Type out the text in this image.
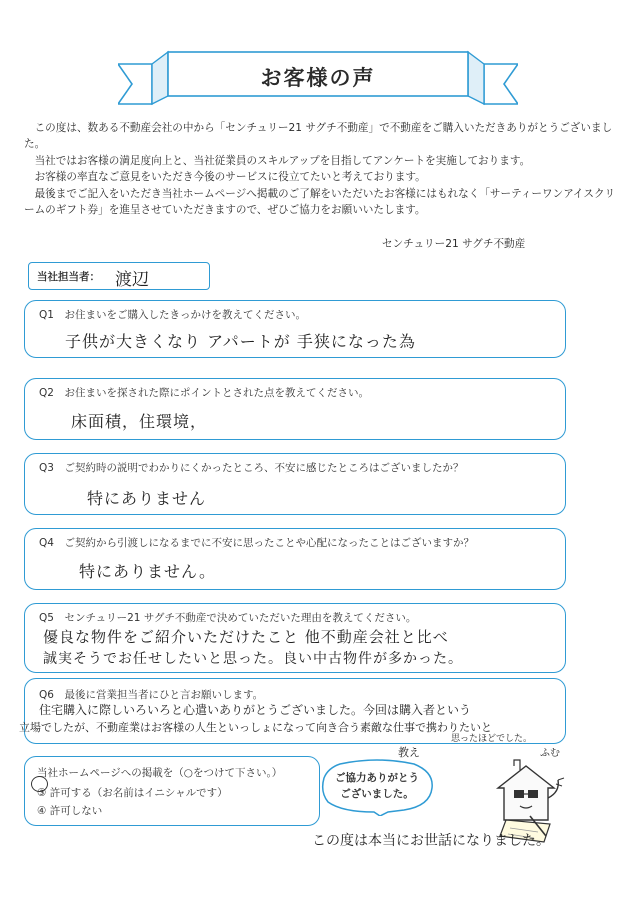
お客様の声

この度は、数ある不動産会社の中から「センチュリー21 サグチ不動産」で不動産をご購入いただきありがとうございました。

当社ではお客様の満足度向上と、当社従業員のスキルアップを目指してアンケートを実施しております。

お客様の率直なご意見をいただき今後のサービスに役立てたいと考えております。

最後までご記入をいただき当社ホームページへ掲載のご了解をいただいたお客様にはもれなく「サーティーワンアイスクリームのギフト券」を進呈させていただきますので、ぜひご協力をお願いいたします。

センチュリー21 サグチ不動産
当社担当者： 渡辺
Q1　お住まいをご購入したきっかけを教えてください。
子供が大きくなり アパートが 手狭になった為
Q2　お住まいを探された際にポイントとされた点を教えてください。
床面積，住環境，
Q3　ご契約時の説明でわかりにくかったところ、不安に感じたところはございましたか？
特にありません
Q4　ご契約から引渡しになるまでに不安に思ったことや心配になったことはございますか？
特にありません。
Q5　センチュリー21 サグチ不動産で決めていただいた理由を教えてください。
優良な物件をご紹介いただけたこと 他不動産会社と比べ
誠実そうでお任せしたいと思った。良い中古物件が多かった。
Q6　最後に営業担当者にひと言お願いします。
住宅購入に際しいろいろと心遣いありがとうございました。今回は購入者という
立場でしたが、不動産業はお客様の人生といっしょになって向き合う素敵な仕事で携わりたいと
思ったほどでした。
当社ホームページへの掲載を（○をつけて下さい。）
③ 許可する（お名前はイニシャルです）
④ 許可しない
ご協力ありがとう
ございました。
教え	ふむ
この度は本当にお世話になりました。
